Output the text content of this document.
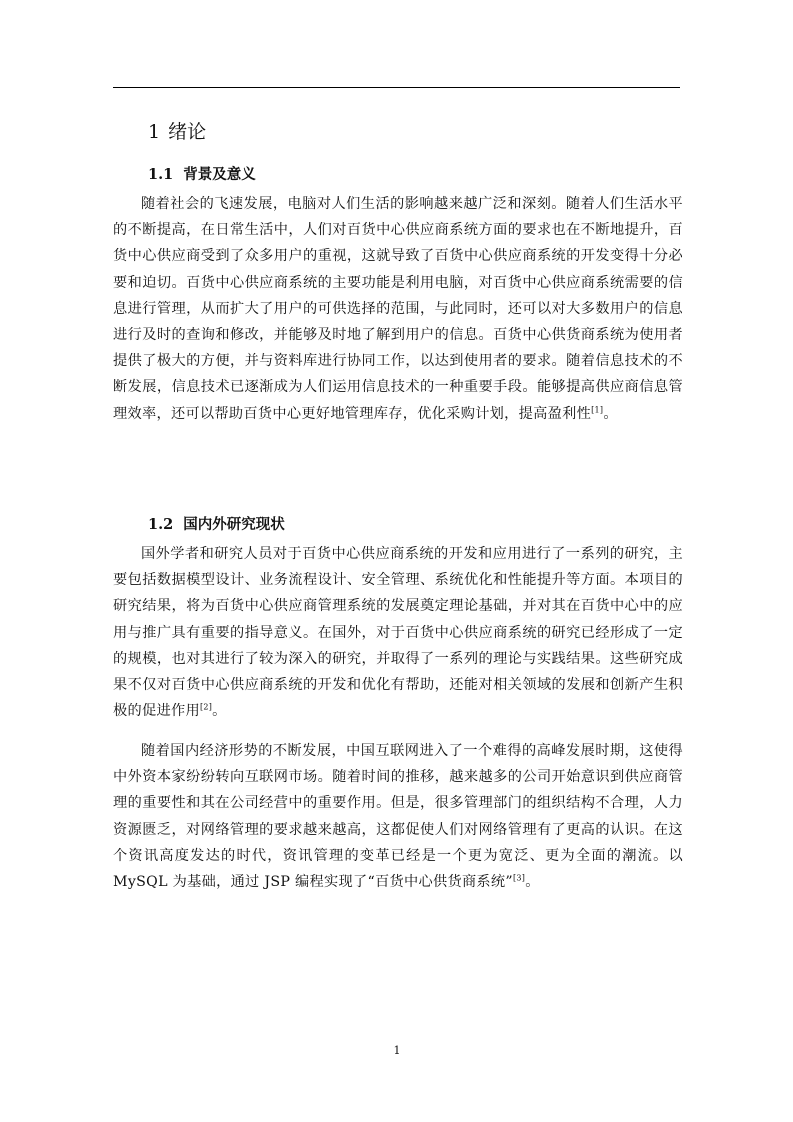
1 绪论
1.1 背景及意义

随着社会的飞速发展，电脑对人们生活的影响越来越广泛和深刻。随着人们生活水平的不断提高，在日常生活中，人们对百货中心供应商系统方面的要求也在不断地提升，百货中心供应商受到了众多用户的重视，这就导致了百货中心供应商系统的开发变得十分必要和迫切。百货中心供应商系统的主要功能是利用电脑，对百货中心供应商系统需要的信息进行管理，从而扩大了用户的可供选择的范围，与此同时，还可以对大多数用户的信息进行及时的查询和修改，并能够及时地了解到用户的信息。百货中心供货商系统为使用者提供了极大的方便，并与资料库进行协同工作，以达到使用者的要求。随着信息技术的不断发展，信息技术已逐渐成为人们运用信息技术的一种重要手段。能够提高供应商信息管理效率，还可以帮助百货中心更好地管理库存，优化采购计划，提高盈利性[1]。

1.2 国内外研究现状

国外学者和研究人员对于百货中心供应商系统的开发和应用进行了一系列的研究，主要包括数据模型设计、业务流程设计、安全管理、系统优化和性能提升等方面。本项目的研究结果，将为百货中心供应商管理系统的发展奠定理论基础，并对其在百货中心中的应用与推广具有重要的指导意义。在国外，对于百货中心供应商系统的研究已经形成了一定的规模，也对其进行了较为深入的研究，并取得了一系列的理论与实践结果。这些研究成果不仅对百货中心供应商系统的开发和优化有帮助，还能对相关领域的发展和创新产生积极的促进作用[2]。

随着国内经济形势的不断发展，中国互联网进入了一个难得的高峰发展时期，这使得中外资本家纷纷转向互联网市场。随着时间的推移，越来越多的公司开始意识到供应商管理的重要性和其在公司经营中的重要作用。但是，很多管理部门的组织结构不合理，人力资源匮乏，对网络管理的要求越来越高，这都促使人们对网络管理有了更高的认识。在这个资讯高度发达的时代，资讯管理的变革已经是一个更为宽泛、更为全面的潮流。以 MySQL 为基础，通过 JSP 编程实现了“百货中心供货商系统”[3]。

1
